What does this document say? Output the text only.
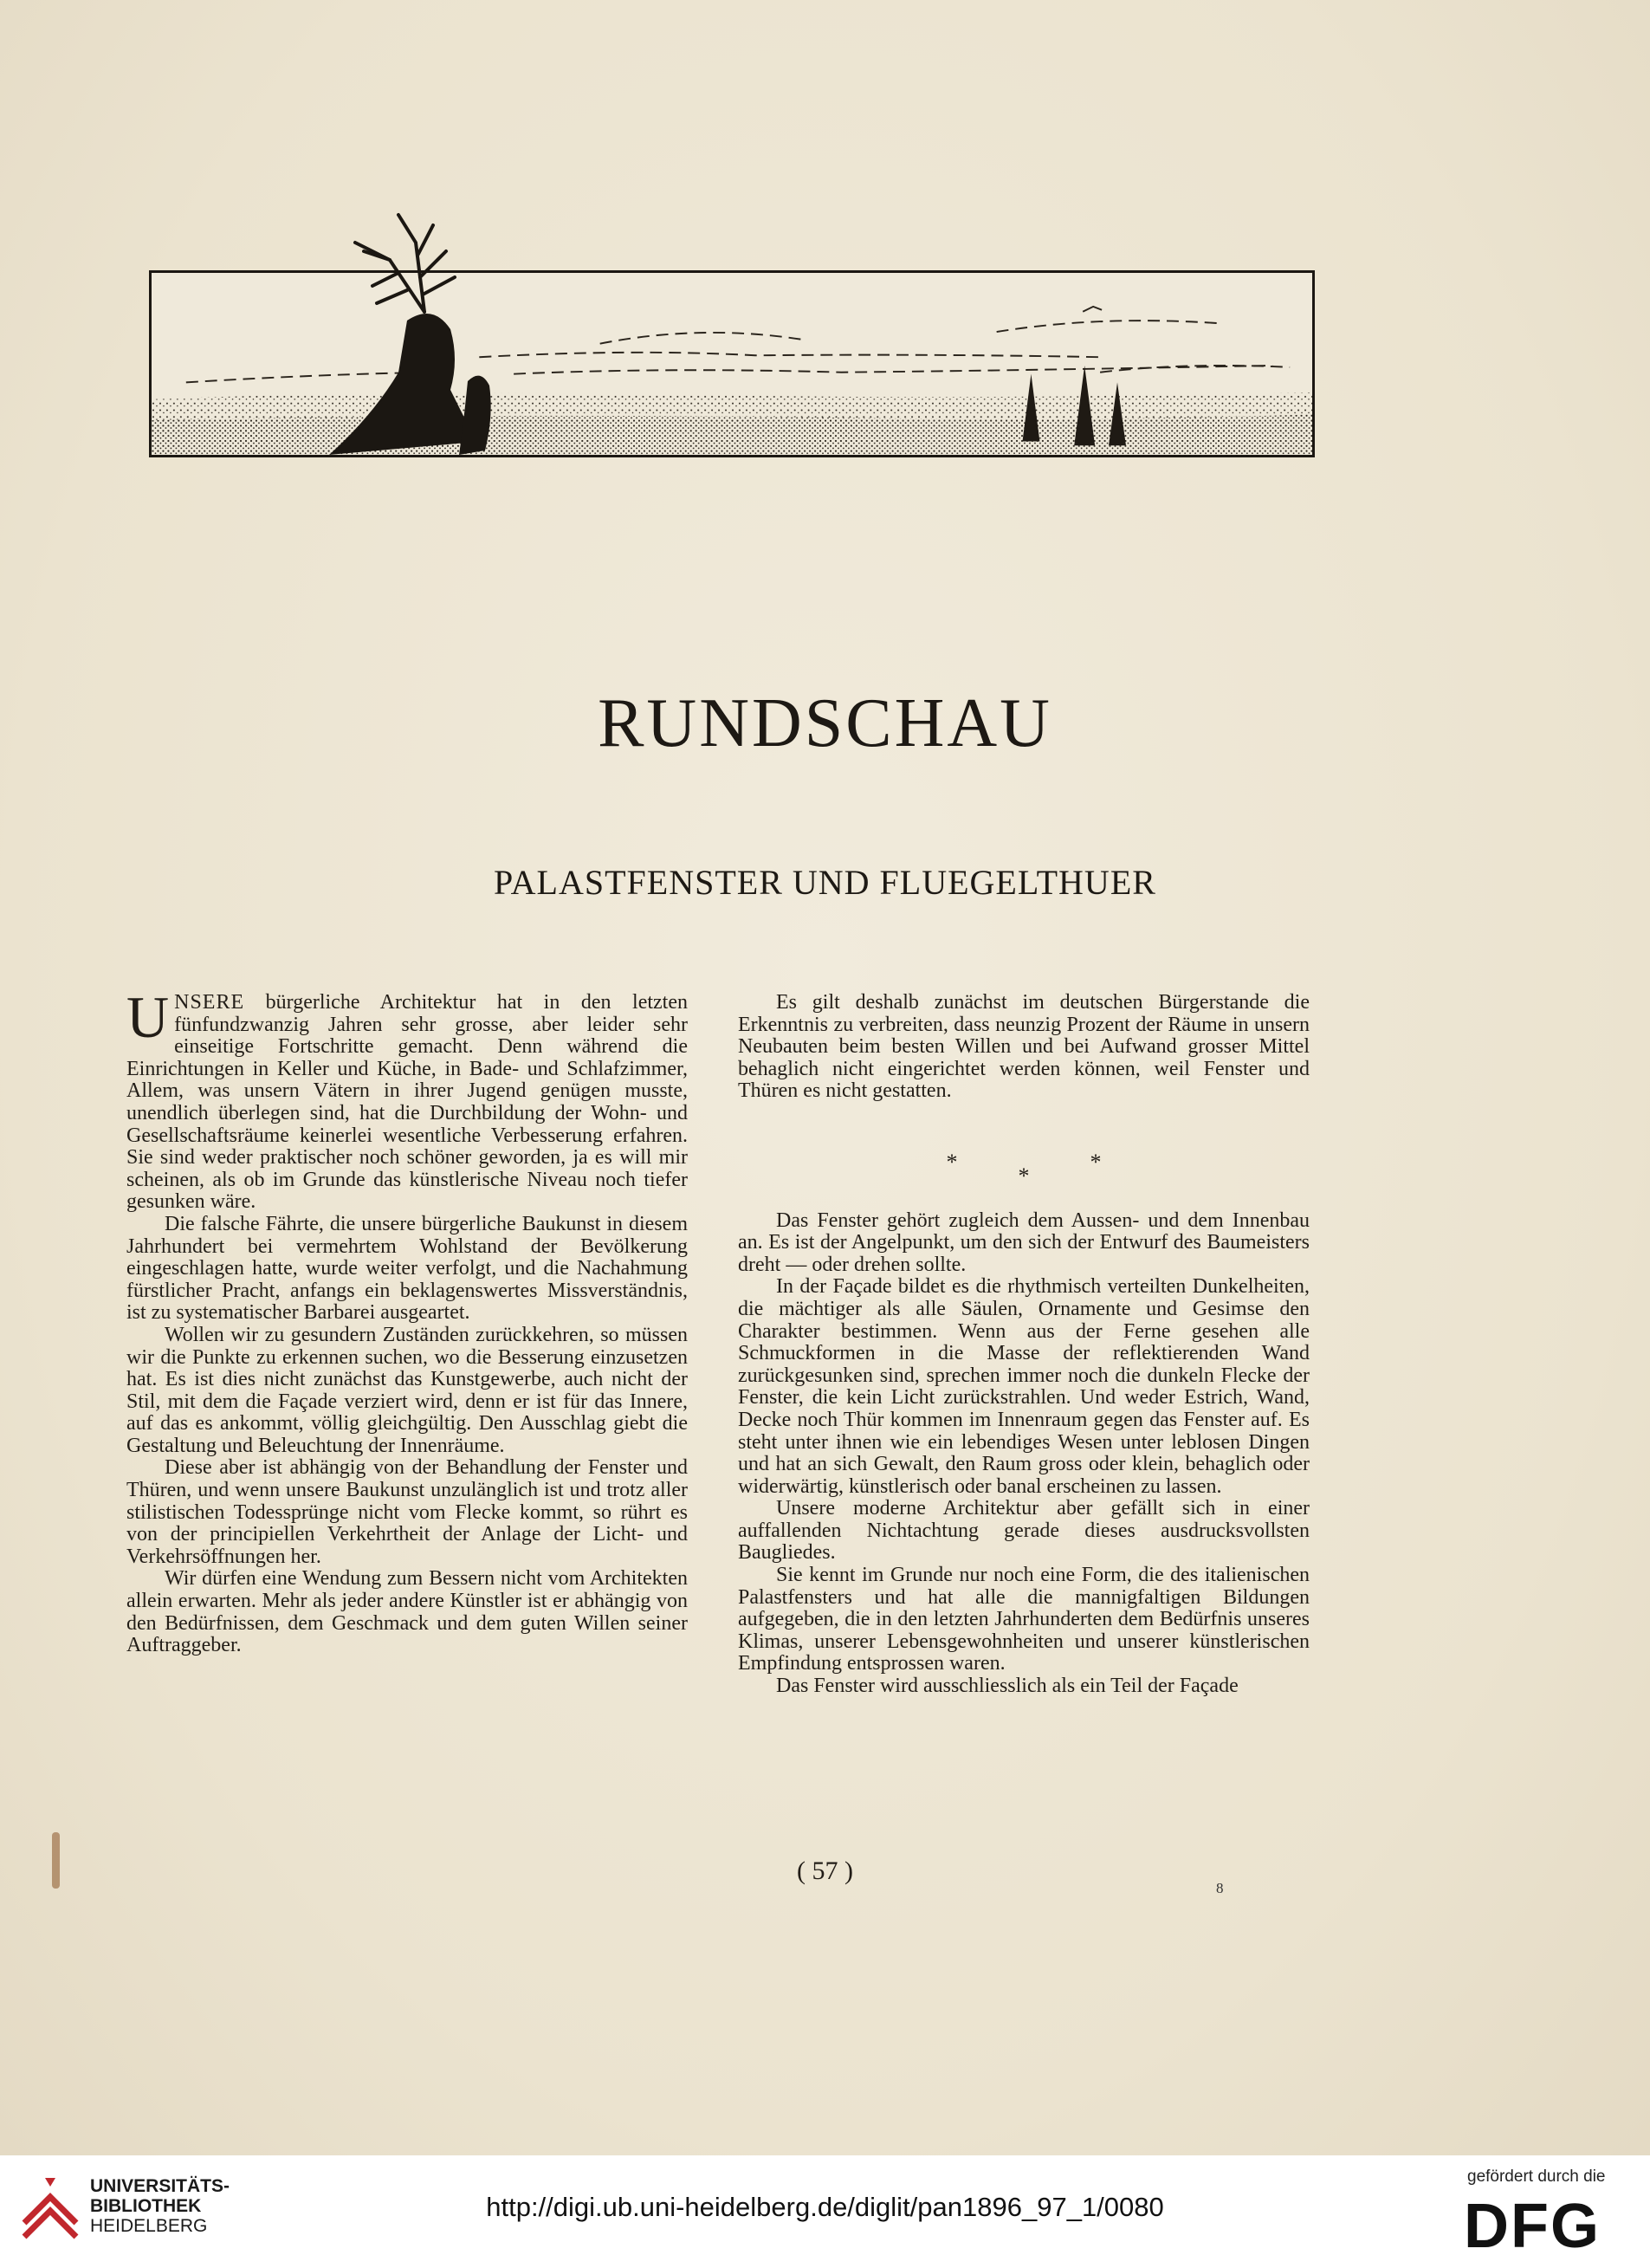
RUNDSCHAU
PALASTFENSTER UND FLUEGELTHUER

UNSERE bürgerliche Architektur hat in den letzten fünfundzwanzig Jahren sehr grosse, aber leider sehr einseitige Fortschritte gemacht. Denn während die Einrichtungen in Keller und Küche, in Bade- und Schlafzimmer, Allem, was unsern Vätern in ihrer Jugend genügen musste, unendlich überlegen sind, hat die Durchbildung der Wohn- und Gesellschaftsräume keinerlei wesentliche Verbesserung erfahren. Sie sind weder praktischer noch schöner geworden, ja es will mir scheinen, als ob im Grunde das künstlerische Niveau noch tiefer gesunken wäre.

Die falsche Fährte, die unsere bürgerliche Baukunst in diesem Jahrhundert bei vermehrtem Wohlstand der Bevölkerung eingeschlagen hatte, wurde weiter verfolgt, und die Nachahmung fürstlicher Pracht, anfangs ein beklagenswertes Missverständnis, ist zu systematischer Barbarei ausgeartet.

Wollen wir zu gesundern Zuständen zurückkehren, so müssen wir die Punkte zu erkennen suchen, wo die Besserung einzusetzen hat. Es ist dies nicht zunächst das Kunstgewerbe, auch nicht der Stil, mit dem die Façade verziert wird, denn er ist für das Innere, auf das es ankommt, völlig gleichgültig. Den Ausschlag giebt die Gestaltung und Beleuchtung der Innenräume.

Diese aber ist abhängig von der Behandlung der Fenster und Thüren, und wenn unsere Baukunst unzulänglich ist und trotz aller stilistischen Todessprünge nicht vom Flecke kommt, so rührt es von der principiellen Verkehrtheit der Anlage der Licht- und Verkehrsöffnungen her.

Wir dürfen eine Wendung zum Bessern nicht vom Architekten allein erwarten. Mehr als jeder andere Künstler ist er abhängig von den Bedürfnissen, dem Geschmack und dem guten Willen seiner Auftraggeber.

Es gilt deshalb zunächst im deutschen Bürgerstande die Erkenntnis zu verbreiten, dass neunzig Prozent der Räume in unsern Neubauten beim besten Willen und bei Aufwand grosser Mittel behaglich nicht eingerichtet werden können, weil Fenster und Thüren es nicht gestatten.

***

Das Fenster gehört zugleich dem Aussen- und dem Innenbau an. Es ist der Angelpunkt, um den sich der Entwurf des Baumeisters dreht — oder drehen sollte.

In der Façade bildet es die rhythmisch verteilten Dunkelheiten, die mächtiger als alle Säulen, Ornamente und Gesimse den Charakter bestimmen. Wenn aus der Ferne gesehen alle Schmuckformen in die Masse der reflektierenden Wand zurückgesunken sind, sprechen immer noch die dunkeln Flecke der Fenster, die kein Licht zurückstrahlen. Und weder Estrich, Wand, Decke noch Thür kommen im Innenraum gegen das Fenster auf. Es steht unter ihnen wie ein lebendiges Wesen unter leblosen Dingen und hat an sich Gewalt, den Raum gross oder klein, behaglich oder widerwärtig, künstlerisch oder banal erscheinen zu lassen.

Unsere moderne Architektur aber gefällt sich in einer auffallenden Nichtachtung gerade dieses ausdrucksvollsten Baugliedes.

Sie kennt im Grunde nur noch eine Form, die des italienischen Palastfensters und hat alle die mannigfaltigen Bildungen aufgegeben, die in den letzten Jahrhunderten dem Bedürfnis unseres Klimas, unserer Lebensgewohnheiten und unserer künstlerischen Empfindung entsprossen waren.

Das Fenster wird ausschliesslich als ein Teil der Façade

( 57 )
8
UNIVERSITÄTS-
BIBLIOTHEK
HEIDELBERG
http://digi.ub.uni-heidelberg.de/diglit/pan1896_97_1/0080
gefördert durch die
DFG
